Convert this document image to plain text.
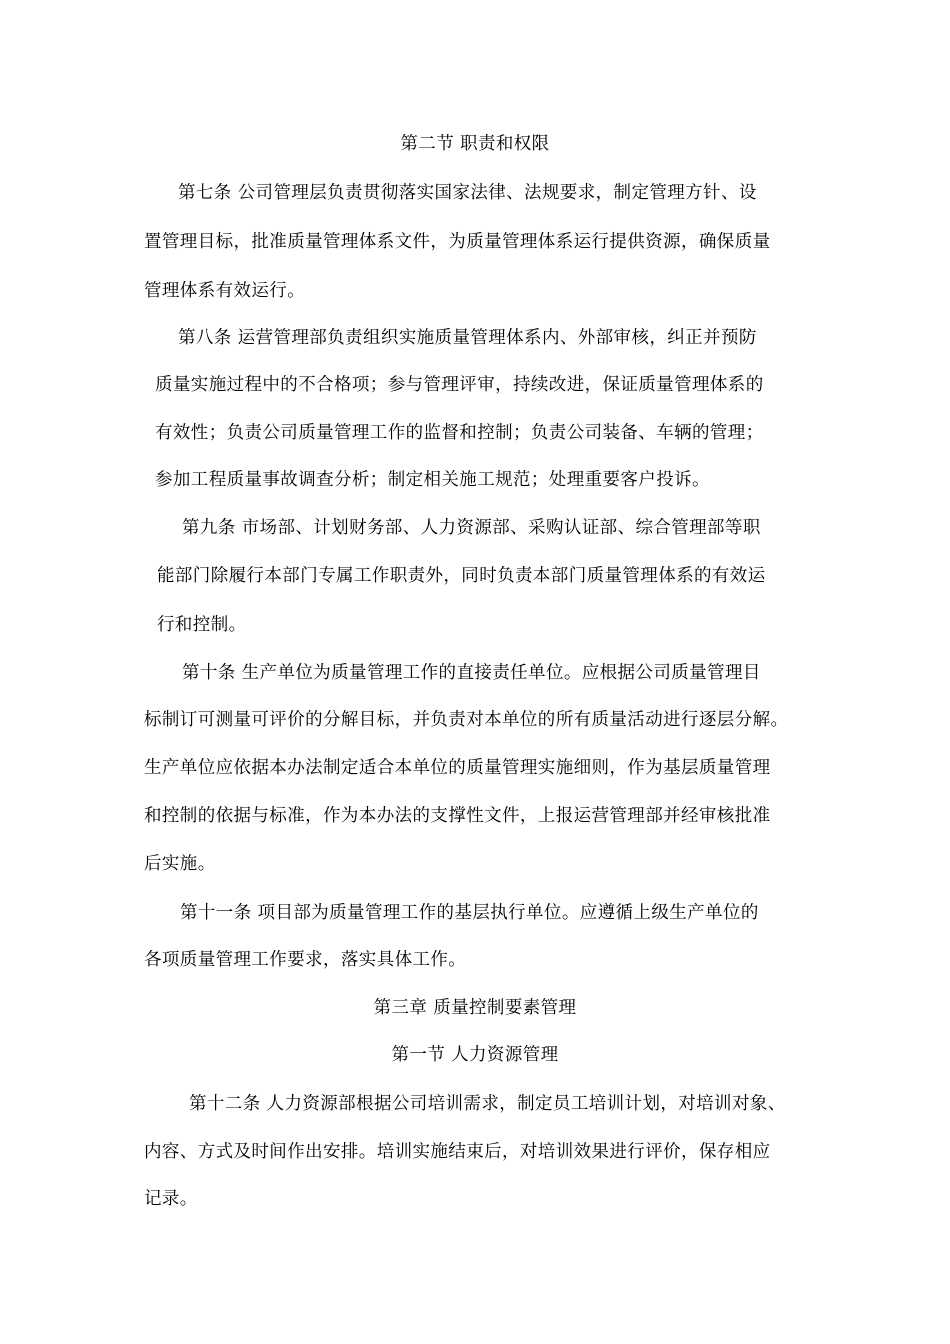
第二节 职责和权限
第七条 公司管理层负责贯彻落实国家法律、法规要求，制定管理方针、设
置管理目标，批准质量管理体系文件，为质量管理体系运行提供资源，确保质量
管理体系有效运行。
第八条 运营管理部负责组织实施质量管理体系内、外部审核，纠正并预防
质量实施过程中的不合格项；参与管理评审，持续改进，保证质量管理体系的
有效性；负责公司质量管理工作的监督和控制；负责公司装备、车辆的管理；
参加工程质量事故调查分析；制定相关施工规范；处理重要客户投诉。
第九条 市场部、计划财务部、人力资源部、采购认证部、综合管理部等职
能部门除履行本部门专属工作职责外，同时负责本部门质量管理体系的有效运
行和控制。
第十条 生产单位为质量管理工作的直接责任单位。应根据公司质量管理目
标制订可测量可评价的分解目标，并负责对本单位的所有质量活动进行逐层分解。
生产单位应依据本办法制定适合本单位的质量管理实施细则，作为基层质量管理
和控制的依据与标准，作为本办法的支撑性文件，上报运营管理部并经审核批准
后实施。
第十一条 项目部为质量管理工作的基层执行单位。应遵循上级生产单位的
各项质量管理工作要求，落实具体工作。
第三章 质量控制要素管理
第一节 人力资源管理
第十二条 人力资源部根据公司培训需求，制定员工培训计划，对培训对象、
内容、方式及时间作出安排。培训实施结束后，对培训效果进行评价，保存相应
记录。
